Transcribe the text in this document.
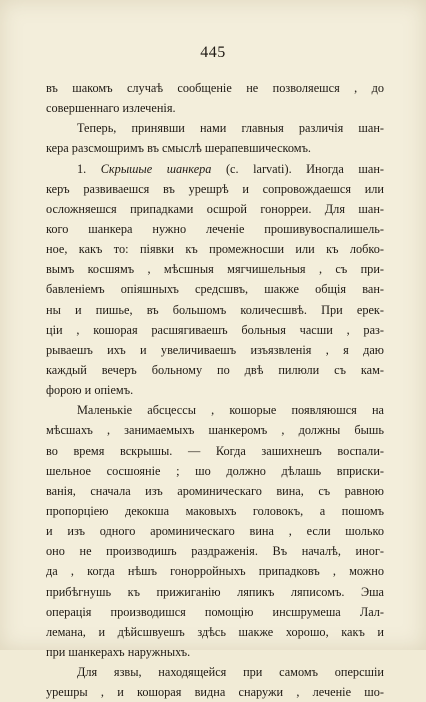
445
въ шакомъ случаѣ сообщеніе не позволяешся , до
совершеннаго излеченія.
Теперь, принявши нами главныя различія шан-
кера разсмошримъ въ смыслѣ шерапевшическомъ.
1. Скрышые шанкера (c. larvati). Иногда шан-
керъ развиваешся въ урешрѣ и сопровождаешся или
осложняешся припадками осшрой гонорреи. Для шан-
кого шанкера нужно леченіе прошивувоспалишель-
ное, какъ то: піявки къ промежносши или къ лобко-
вымъ косшямъ , мѣсшныя мягчишельныя , съ при-
бавленіемъ опіяшныхъ средсшвъ, шакже общія ван-
ны и пишье, въ большомъ количесшвѣ. При ерек-
ціи , кошорая расшягиваешъ больныя часши , раз-
рываешъ ихъ и увеличиваешъ изъязвленія , я даю
каждый вечеръ больному по двѣ пилюли съ кам-
форою и опіемъ.
Маленькіе абсцессы , кошорые появляюшся на
мѣсшахъ , занимаемыхъ шанкеромъ , должны бышь
во время вскрышы. — Когда зашихнешъ воспали-
шельное сосшояніе ; шо должно дѣлашь вприски-
ванія, сначала изъ ароминическаго вина, съ равною
пропорціею декокша маковыхъ головокъ, а пошомъ
и изъ одного ароминическаго вина , если шолько
оно не производишъ раздраженія. Въ началѣ, иног-
да , когда нѣшъ гонорройныхъ припадковъ , можно
прибѣгнушь къ прижиганію ляпикъ ляписомъ. Эша
операція производишся помощію инсшрумеша Лал-
лемана, и дѣйсшвуешъ здѣсь шакже хорошо, какъ и
при шанкерахъ наружныхъ.
Для язвы, находящейся при самомъ оперсшіи
урешры , и кошорая видна снаружи , леченіе шо-
